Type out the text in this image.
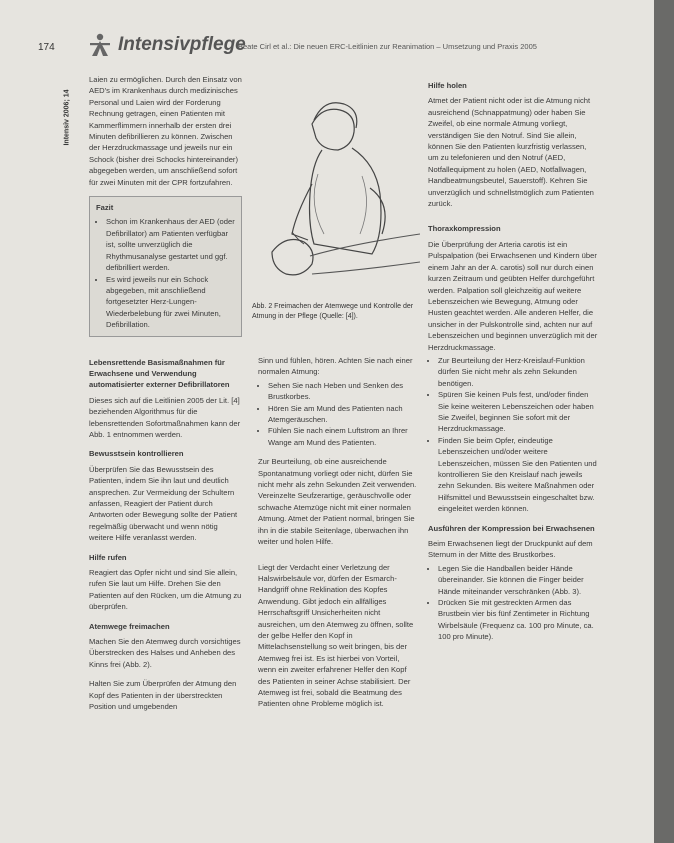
174	Intensivpflege
Beate Cirl et al.: Die neuen ERC-Leitlinien zur Reanimation – Umsetzung und Praxis 2005
Intensiv 2006; 14

Laien zu ermöglichen. Durch den Einsatz von AED's im Krankenhaus durch medizinisches Personal und Laien wird der Forderung Rechnung getragen, einen Patienten mit Kammerflimmern innerhalb der ersten drei Minuten defibrillieren zu können. Zwischen der Herzdruckmassage und jeweils nur ein Schock (bisher drei Schocks hintereinander) abgegeben werden, um anschließend sofort für zwei Minuten mit der CPR fortzufahren.

Fazit
• Schon im Krankenhaus der AED (oder Defibrillator) am Patienten verfügbar ist, sollte unverzüglich die Rhythmusanalyse gestartet und ggf. defibrilliert werden.
• Es wird jeweils nur ein Schock abgegeben, mit anschließend fortgesetzter Herz-Lungen-Wiederbelebung für zwei Minuten, Defibrillation.
Lebensrettende Basismaßnahmen für Erwachsene und Verwendung automatisierter externer Defibrillatoren

Dieses sich auf die Leitlinien 2005 der Lit. [4] beziehenden Algorithmus für die lebensrettenden Sofortmaßnahmen kann der Abb. 1 entnommen werden.

Bewusstsein kontrollieren

Überprüfen Sie das Bewusstsein des Patienten, indem Sie ihn laut und deutlich ansprechen. Zur Vermeidung der Schultern anfassen, Reagiert der Patient durch Antworten oder Bewegung sollte der Patient regelmäßig überwacht und wenn nötig weitere Hilfe veranlasst werden.

Hilfe rufen

Reagiert das Opfer nicht und sind Sie allein, rufen Sie laut um Hilfe. Drehen Sie den Patienten auf den Rücken, um die Atmung zu überprüfen.

Atemwege freimachen

Machen Sie den Atemweg durch vorsichtiges Überstrecken des Halses und Anheben des Kinns frei (Abb. 2).

Halten Sie zum Überprüfen der Atmung den Kopf des Patienten in der überstreckten Position und umgebenden

Abb. 2 Freimachen der Atemwege und Kontrolle der Atmung in der Pflege (Quelle: [4]).

Sinn und fühlen, hören. Achten Sie nach einer normalen Atmung:

• Sehen Sie nach Heben und Senken des Brustkorbes.
• Hören Sie am Mund des Patienten nach Atemgeräuschen.
• Fühlen Sie nach einem Luftstrom an Ihrer Wange am Mund des Patienten.

Zur Beurteilung, ob eine ausreichende Spontanatmung vorliegt oder nicht, dürfen Sie nicht mehr als zehn Sekunden Zeit verwenden. Vereinzelte Seufzerartige, geräuschvolle oder schwache Atemzüge nicht mit einer normalen Atmung. Atmet der Patient normal, bringen Sie ihn in die stabile Seitenlage, überwachen ihn weiter und holen Hilfe.

Liegt der Verdacht einer Verletzung der Halswirbelsäule vor, dürfen der Esmarch-Handgriff ohne Reklination des Kopfes Anwendung. Gibt jedoch ein allfälliges Herrschaftsgriff Unsicherheiten nicht ausreichen, um den Atemweg zu öffnen, sollte der gelbe Helfer den Kopf in Mittelachsenstellung so weit bringen, bis der Atemweg frei ist. Es ist hierbei von Vorteil, wenn ein zweiter erfahrener Helfer den Kopf des Patienten in seiner Achse stabilisiert. Der Atemweg ist frei, sobald die Beatmung des Patienten ohne Probleme möglich ist.

Hilfe holen

Atmet der Patient nicht oder ist die Atmung nicht ausreichend (Schnappatmung) oder haben Sie Zweifel, ob eine normale Atmung vorliegt, verständigen Sie den Notruf. Sind Sie allein, können Sie den Patienten kurzfristig verlassen, um zu telefonieren und den Notruf (AED, Notfallequipment zu holen (AED, Notfallwagen, Handbeatmungsbeutel, Sauerstoff). Kehren Sie unverzüglich und schnellstmöglich zum Patienten zurück.

Thoraxkompression

Die Überprüfung der Arteria carotis ist ein Pulspalpation (bei Erwachsenen und Kindern über einem Jahr an der A. carotis) soll nur durch einen kurzen Zeitraum und geübten Helfer durchgeführt werden. Palpation soll gleichzeitig auf weitere Lebenszeichen wie Bewegung, Atmung oder Husten geachtet werden. Alle anderen Helfer, die unsicher in der Pulskontrolle sind, achten nur auf Lebenszeichen und beginnen unverzüglich mit der Herzdruckmassage.

• Zur Beurteilung der Herz-Kreislauf-Funktion dürfen Sie nicht mehr als zehn Sekunden benötigen.
• Spüren Sie keinen Puls fest, und/oder finden Sie keine weiteren Lebenszeichen oder haben Sie Zweifel, beginnen Sie sofort mit der Herzdruckmassage.
• Finden Sie beim Opfer, eindeutige Lebenszeichen und/oder weitere Lebenszeichen, müssen Sie den Patienten und kontrollieren Sie den Kreislauf nach jeweils zehn Sekunden. Bis weitere Maßnahmen oder Hilfsmittel und Bewusstsein eingeschaltet bzw. eingeleitet werden können.
Ausführen der Kompression bei Erwachsenen

Beim Erwachsenen liegt der Druckpunkt auf dem Sternum in der Mitte des Brustkorbes.

• Legen Sie die Handballen beider Hände übereinander. Sie können die Finger beider Hände miteinander verschränken (Abb. 3).
• Drücken Sie mit gestreckten Armen das Brustbein vier bis fünf Zentimeter in Richtung Wirbelsäule (Frequenz ca. 100 pro Minute, ca. 100 pro Minute).
